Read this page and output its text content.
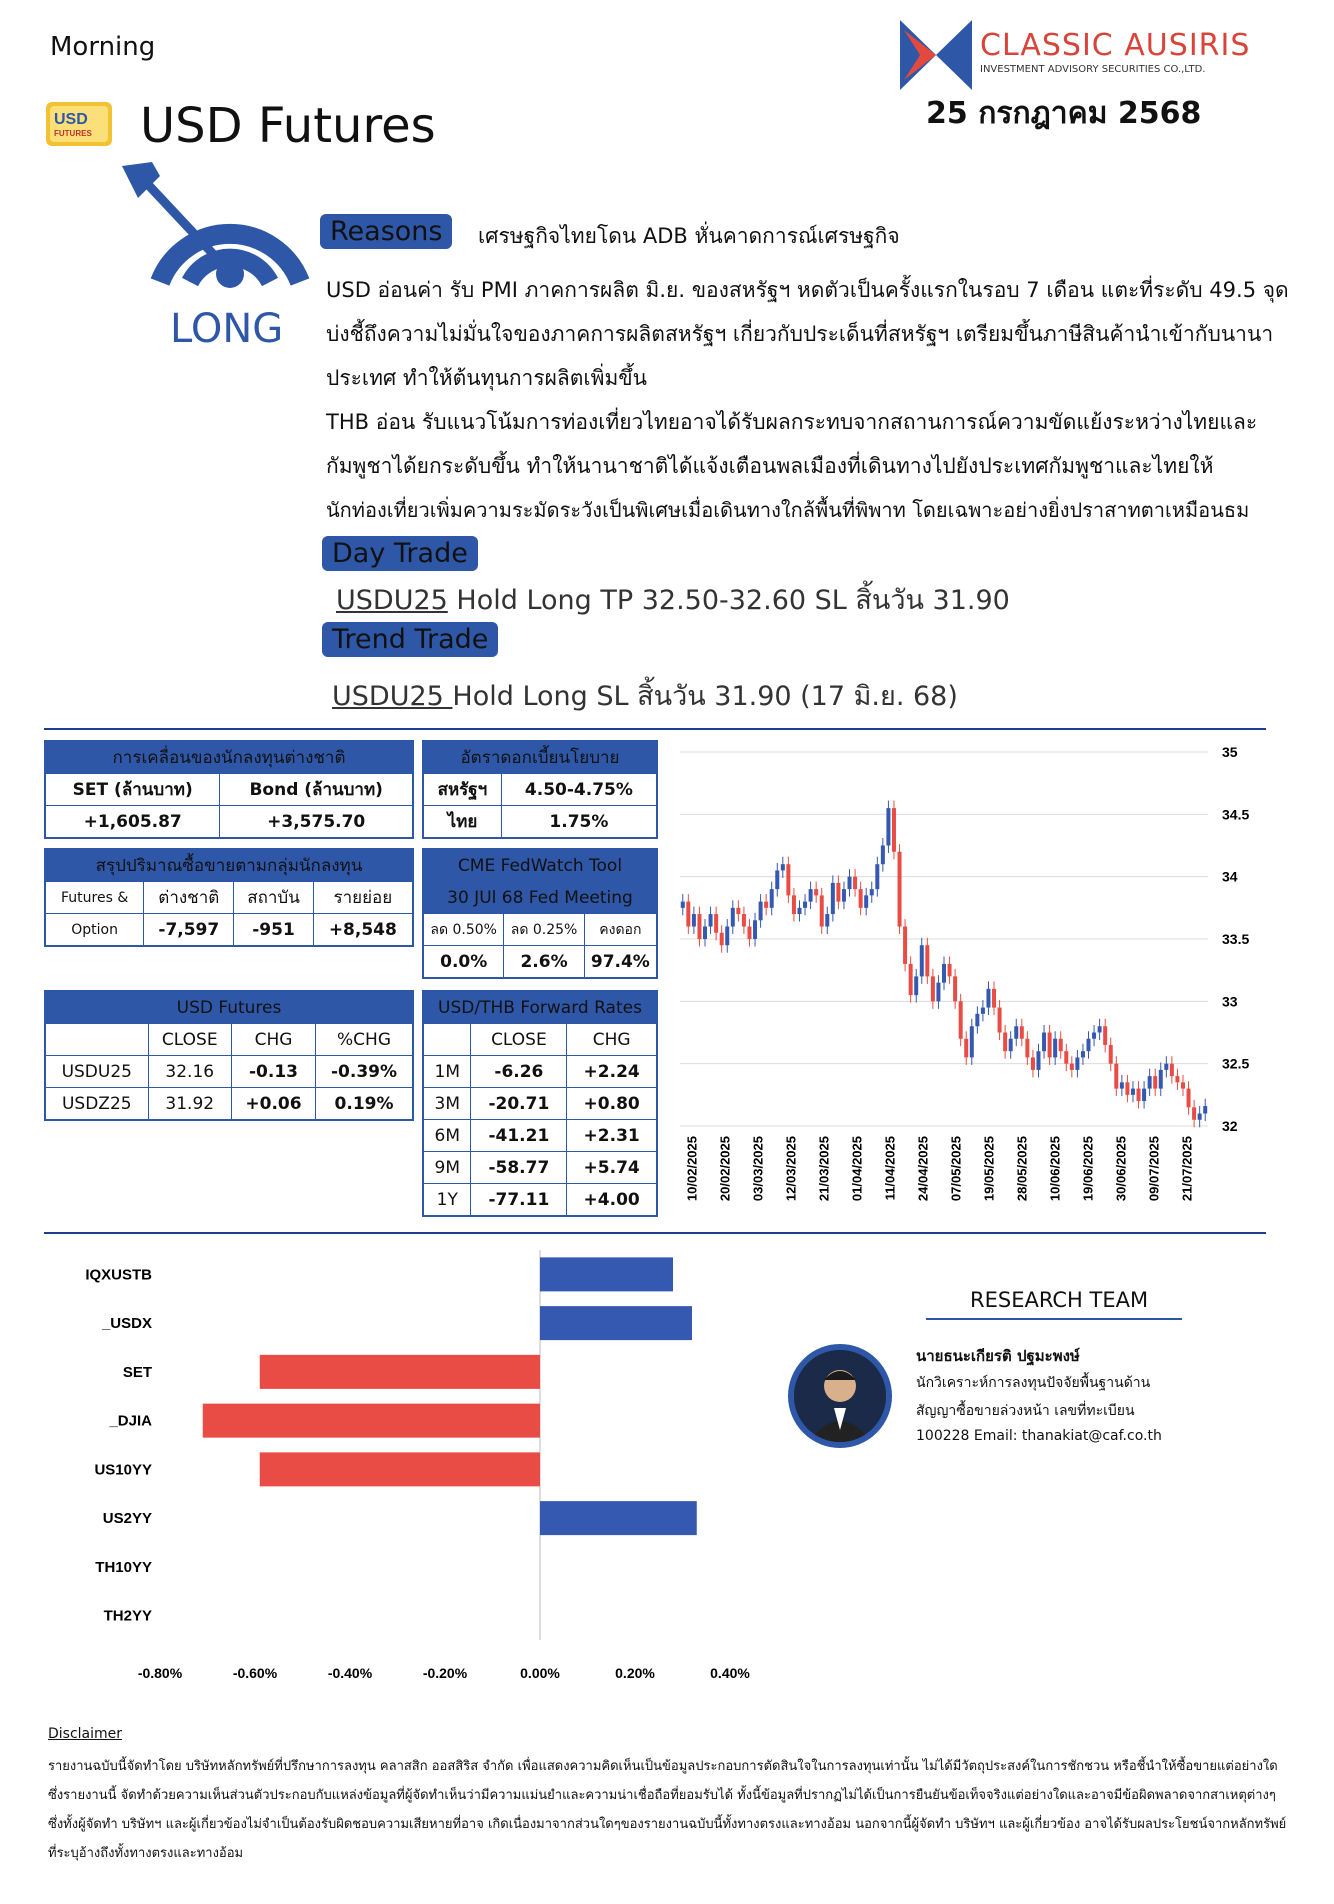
Morning
USD
FUTURES USD Futures
CLASSIC AUSIRIS
INVESTMENT ADVISORY SECURITIES CO.,LTD.
25 กรกฎาคม 2568
LONG
Reasons	เศรษฐกิจไทยโดน ADB หั่นคาดการณ์เศรษฐกิจ
USD อ่อนค่า รับ PMI ภาคการผลิต มิ.ย. ของสหรัฐฯ หดตัวเป็นครั้งแรกในรอบ 7 เดือน แตะที่ระดับ 49.5 จุด
บ่งชี้ถึงความไม่มั่นใจของภาคการผลิตสหรัฐฯ เกี่ยวกับประเด็นที่สหรัฐฯ เตรียมขึ้นภาษีสินค้านำเข้ากับนานา
ประเทศ ทำให้ต้นทุนการผลิตเพิ่มขึ้น
THB อ่อน รับแนวโน้มการท่องเที่ยวไทยอาจได้รับผลกระทบจากสถานการณ์ความขัดแย้งระหว่างไทยและ
กัมพูชาได้ยกระดับขึ้น ทำให้นานาชาติได้แจ้งเตือนพลเมืองที่เดินทางไปยังประเทศกัมพูชาและไทยให้
นักท่องเที่ยวเพิ่มความระมัดระวังเป็นพิเศษเมื่อเดินทางใกล้พื้นที่พิพาท โดยเฉพาะอย่างยิ่งปราสาทตาเหมือนธม
Day Trade
USDU25 Hold Long TP 32.50-32.60 SL สิ้นวัน 31.90
Trend Trade
USDU25 Hold Long SL สิ้นวัน 31.90 (17 มิ.ย. 68)
การเคลื่อนของนักลงทุนต่างชาติ	
SET (ล้านบาท)	Bond (ล้านบาท)
+1,605.87	+3,575.70
อัตราดอกเบี้ยนโยบาย	
สหรัฐฯ	4.50-4.75%
ไทย	1.75%
สรุปปริมาณซื้อขายตามกลุ่มนักลงทุน			
Futures &	ต่างชาติ	สถาบัน	รายย่อย
Option	-7,597	-951	+8,548
CME FedWatch Tool		
30 JUl 68 Fed Meeting		
ลด 0.50%	ลด 0.25%	คงดอก
0.0%	2.6%	97.4%
USD Futures			
	CLOSE	CHG	%CHG
USDU25	32.16	-0.13	-0.39%
USDZ25	31.92	+0.06	0.19%
USD/THB Forward Rates		
	CLOSE	CHG
1M	-6.26	+2.24
3M	-20.71	+0.80
6M	-41.21	+2.31
9M	-58.77	+5.74
1Y	-77.11	+4.00
35
34.5
34
33.5
33
32.5
32
10/02/2025 20/02/2025 03/03/2025 12/03/2025 21/03/2025 01/04/2025 11/04/2025 24/04/2025 07/05/2025 19/05/2025 28/05/2025 10/06/2025 19/06/2025 30/06/2025 09/07/2025 21/07/2025
IQXUSTB
_USDX
SET
_DJIA
US10YY
US2YY
TH10YY
TH2YY
-0.80%	-0.60%	-0.40%	-0.20%	0.00%	0.20%	0.40%
RESEARCH TEAM
นายธนะเกียรติ ปฐมะพงษ์
นักวิเคราะห์การลงทุนปัจจัยพื้นฐานด้าน
สัญญาซื้อขายล่วงหน้า เลขที่ทะเบียน
100228 Email: thanakiat@caf.co.th
Disclaimer
รายงานฉบับนี้จัดทำโดย บริษัทหลักทรัพย์ที่ปรึกษาการลงทุน คลาสสิก ออสสิริส จำกัด เพื่อแสดงความคิดเห็นเป็นข้อมูลประกอบการตัดสินใจในการลงทุนเท่านั้น ไม่ได้มีวัตถุประสงค์ในการชักชวน หรือชี้นำให้ซื้อขายแต่อย่างใด ซึ่งรายงานนี้ จัดทำด้วยความเห็นส่วนตัวประกอบกับแหล่งข้อมูลที่ผู้จัดทำเห็นว่ามีความแม่นยำและความน่าเชื่อถือที่ยอมรับได้ ทั้งนี้ข้อมูลที่ปรากฏไม่ได้เป็นการยืนยันข้อเท็จจริงแต่อย่างใดและอาจมีข้อผิดพลาดจากสาเหตุต่างๆ ซึ่งทั้งผู้จัดทำ บริษัทฯ และผู้เกี่ยวข้องไม่จำเป็นต้องรับผิดชอบความเสียหายที่อาจ เกิดเนื่องมาจากส่วนใดๆของรายงานฉบับนี้ทั้งทางตรงและทางอ้อม นอกจากนี้ผู้จัดทำ บริษัทฯ และผู้เกี่ยวข้อง อาจได้รับผลประโยชน์จากหลักทรัพย์ที่ระบุอ้างถึงทั้งทางตรงและทางอ้อม
